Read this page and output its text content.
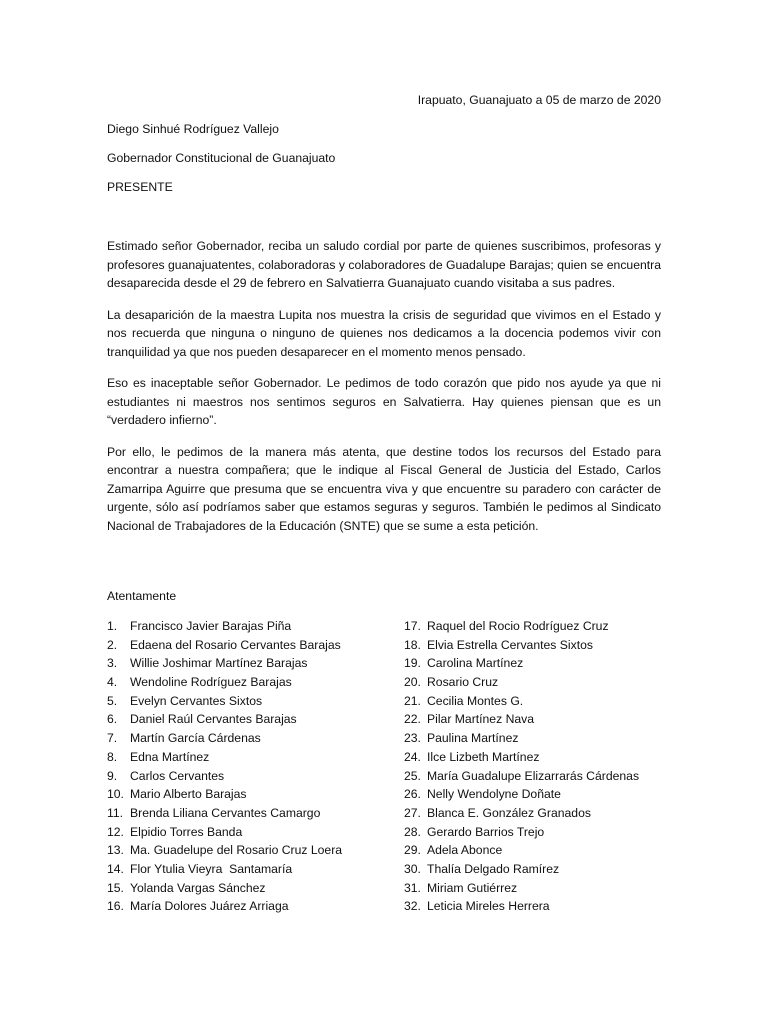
Irapuato, Guanajuato a 05 de marzo de 2020
Diego Sinhué Rodríguez Vallejo
Gobernador Constitucional de Guanajuato
PRESENTE

Estimado señor Gobernador, reciba un saludo cordial por parte de quienes suscribimos, profesoras y profesores guanajuatentes, colaboradoras y colaboradores de Guadalupe Barajas; quien se encuentra desaparecida desde el 29 de febrero en Salvatierra Guanajuato cuando visitaba a sus padres.

La desaparición de la maestra Lupita nos muestra la crisis de seguridad que vivimos en el Estado y nos recuerda que ninguna o ninguno de quienes nos dedicamos a la docencia podemos vivir con tranquilidad ya que nos pueden desaparecer en el momento menos pensado.

Eso es inaceptable señor Gobernador. Le pedimos de todo corazón que pido nos ayude ya que ni estudiantes ni maestros nos sentimos seguros en Salvatierra. Hay quienes piensan que es un “verdadero infierno”.

Por ello, le pedimos de la manera más atenta, que destine todos los recursos del Estado para encontrar a nuestra compañera; que le indique al Fiscal General de Justicia del Estado, Carlos Zamarripa Aguirre que presuma que se encuentra viva y que encuentre su paradero con carácter de urgente, sólo así podríamos saber que estamos seguras y seguros. También le pedimos al Sindicato Nacional de Trabajadores de la Educación (SNTE) que se sume a esta petición.

Atentamente
1.	Francisco Javier Barajas Piña
2.	Edaena del Rosario Cervantes Barajas
3.	Willie Joshimar Martínez Barajas
4.	Wendoline Rodríguez Barajas
5.	Evelyn Cervantes Sixtos
6.	Daniel Raúl Cervantes Barajas
7.	Martín García Cárdenas
8.	Edna Martínez
9.	Carlos Cervantes
10. Mario Alberto Barajas
11. Brenda Liliana Cervantes Camargo
12. Elpidio Torres Banda
13. Ma. Guadelupe del Rosario Cruz Loera
14. Flor Ytulia Vieyra  Santamaría
15. Yolanda Vargas Sánchez
16. María Dolores Juárez Arriaga
17. Raquel del Rocio Rodríguez Cruz
18. Elvia Estrella Cervantes Sixtos
19. Carolina Martínez
20. Rosario Cruz
21. Cecilia Montes G.
22. Pilar Martínez Nava
23. Paulina Martínez
24. Ilce Lizbeth Martínez
25. María Guadalupe Elizarrarás Cárdenas
26. Nelly Wendolyne Doñate
27. Blanca E. González Granados
28. Gerardo Barrios Trejo
29. Adela Abonce
30. Thalía Delgado Ramírez
31. Miriam Gutiérrez
32. Leticia Mireles Herrera
